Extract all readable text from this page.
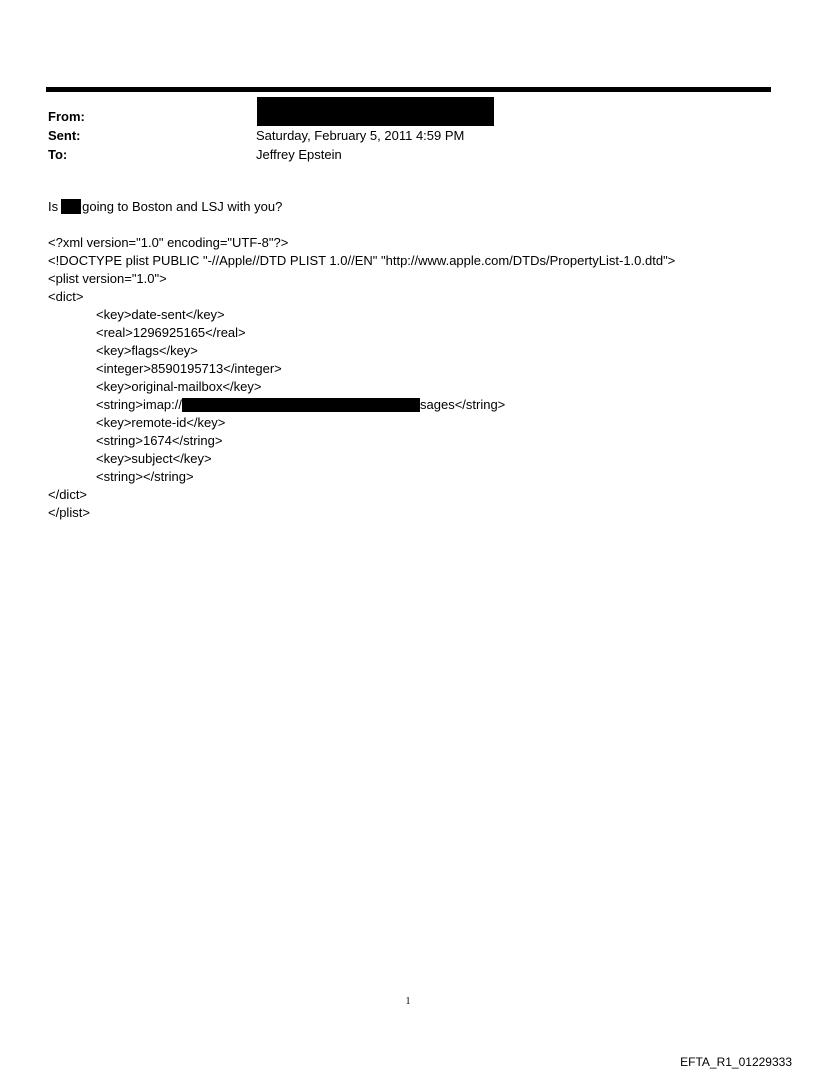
From:
Sent:	Saturday, February 5, 2011 4:59 PM
To:	Jeffrey Epstein
Is going to Boston and LSJ with you?
<?xml version="1.0" encoding="UTF-8"?>
<!DOCTYPE plist PUBLIC "-//Apple//DTD PLIST 1.0//EN" "http://www.apple.com/DTDs/PropertyList-1.0.dtd">
<plist version="1.0">
<dict>
<key>date-sent</key>
<real>1296925165</real>
<key>flags</key>
<integer>8590195713</integer>
<key>original-mailbox</key>
<string>imap://	sages</string>
<key>remote-id</key>
<string>1674</string>
<key>subject</key>
<string></string>
</dict>
</plist>
1
EFTA_R1_01229333
